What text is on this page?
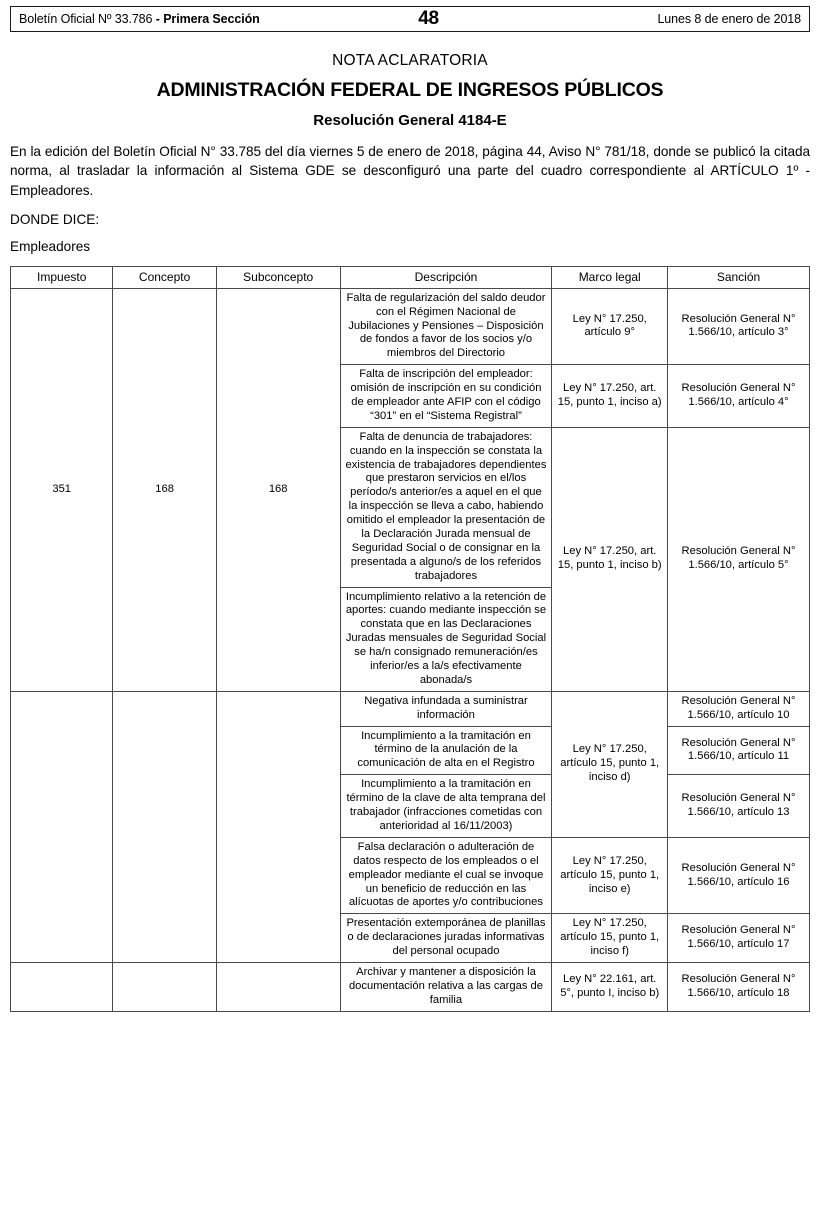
Boletín Oficial Nº 33.786 - Primera Sección	48	Lunes 8 de enero de 2018
NOTA ACLARATORIA
ADMINISTRACIÓN FEDERAL DE INGRESOS PÚBLICOS
Resolución General 4184-E
En la edición del Boletín Oficial N° 33.785 del día viernes 5 de enero de 2018, página 44, Aviso N° 781/18, donde se publicó la citada norma, al trasladar la información al Sistema GDE se desconfiguró una parte del cuadro correspondiente al ARTÍCULO 1º - Empleadores.
DONDE DICE:
Empleadores
Impuesto	Concepto	Subconcepto	Descripción	Marco legal	Sanción
351	168	168	Falta de regularización del saldo deudor con el Régimen Nacional de Jubilaciones y Pensiones – Disposición de fondos a favor de los socios y/o miembros del Directorio	Ley N° 17.250, artículo 9°	Resolución General N° 1.566/10, artículo 3°
			Falta de inscripción del empleador: omisión de inscripción en su condición de empleador ante AFIP con el código “301” en el “Sistema Registral”	Ley N° 17.250, art. 15, punto 1, inciso a)	Resolución General N° 1.566/10, artículo 4°
			Falta de denuncia de trabajadores: cuando en la inspección se constata la existencia de trabajadores dependientes que prestaron servicios en el/los período/s anterior/es a aquel en el que la inspección se lleva a cabo, habiendo omitido el empleador la presentación de la Declaración Jurada mensual de Seguridad Social o de consignar en la presentada a alguno/s de los referidos trabajadores	Ley N° 17.250, art. 15, punto 1, inciso b)	Resolución General N° 1.566/10, artículo 5°
			Incumplimiento relativo a la retención de aportes: cuando mediante inspección se constata que en las Declaraciones Juradas mensuales de Seguridad Social se ha/n consignado remuneración/es inferior/es a la/s efectivamente abonada/s		
			Negativa infundada a suministrar información	Ley N° 17.250, artículo 15, punto 1, inciso d)	Resolución General N° 1.566/10, artículo 10
			Incumplimiento a la tramitación en término de la anulación de la comunicación de alta en el Registro		Resolución General N° 1.566/10, artículo 11
			Incumplimiento a la tramitación en término de la clave de alta temprana del trabajador (infracciones cometidas con anterioridad al 16/11/2003)		Resolución General N° 1.566/10, artículo 13
			Falsa declaración o adulteración de datos respecto de los empleados o el empleador mediante el cual se invoque un beneficio de reducción en las alícuotas de aportes y/o contribuciones	Ley N° 17.250, artículo 15, punto 1, inciso e)	Resolución General N° 1.566/10, artículo 16
			Presentación extemporánea de planillas o de declaraciones juradas informativas del personal ocupado	Ley N° 17.250, artículo 15, punto 1, inciso f)	Resolución General N° 1.566/10, artículo 17
			Archivar y mantener a disposición la documentación relativa a las cargas de familia	Ley N° 22.161, art. 5°, punto I, inciso b)	Resolución General N° 1.566/10, artículo 18
